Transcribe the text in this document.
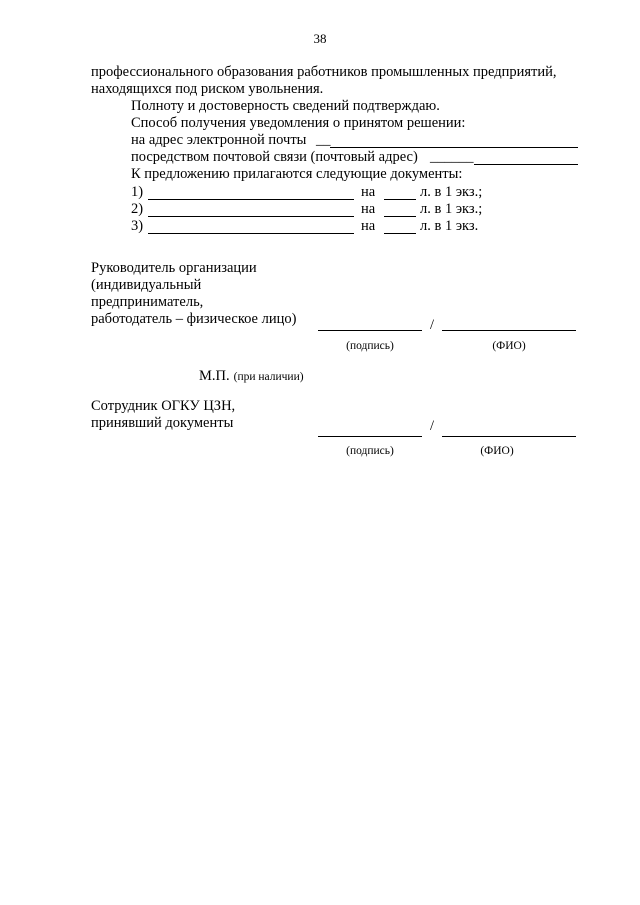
38
профессионального образования работников промышленных предприятий,
находящихся под риском увольнения.
Полноту и достоверность сведений подтверждаю.
Способ получения уведомления о принятом решении:
на адрес электронной почты __
посредством почтовой связи (почтовый адрес) ______
К предложению прилагаются следующие документы:
1)	на	л. в 1 экз.;
2)	на	л. в 1 экз.;
3)	на	л. в 1 экз.
Руководитель организации
(индивидуальный
предприниматель,
работодатель – физическое лицо)	/
(подпись)	(ФИО)
М.П. (при наличии)
Сотрудник ОГКУ ЦЗН,
принявший документы	/
(подпись)	(ФИО)
